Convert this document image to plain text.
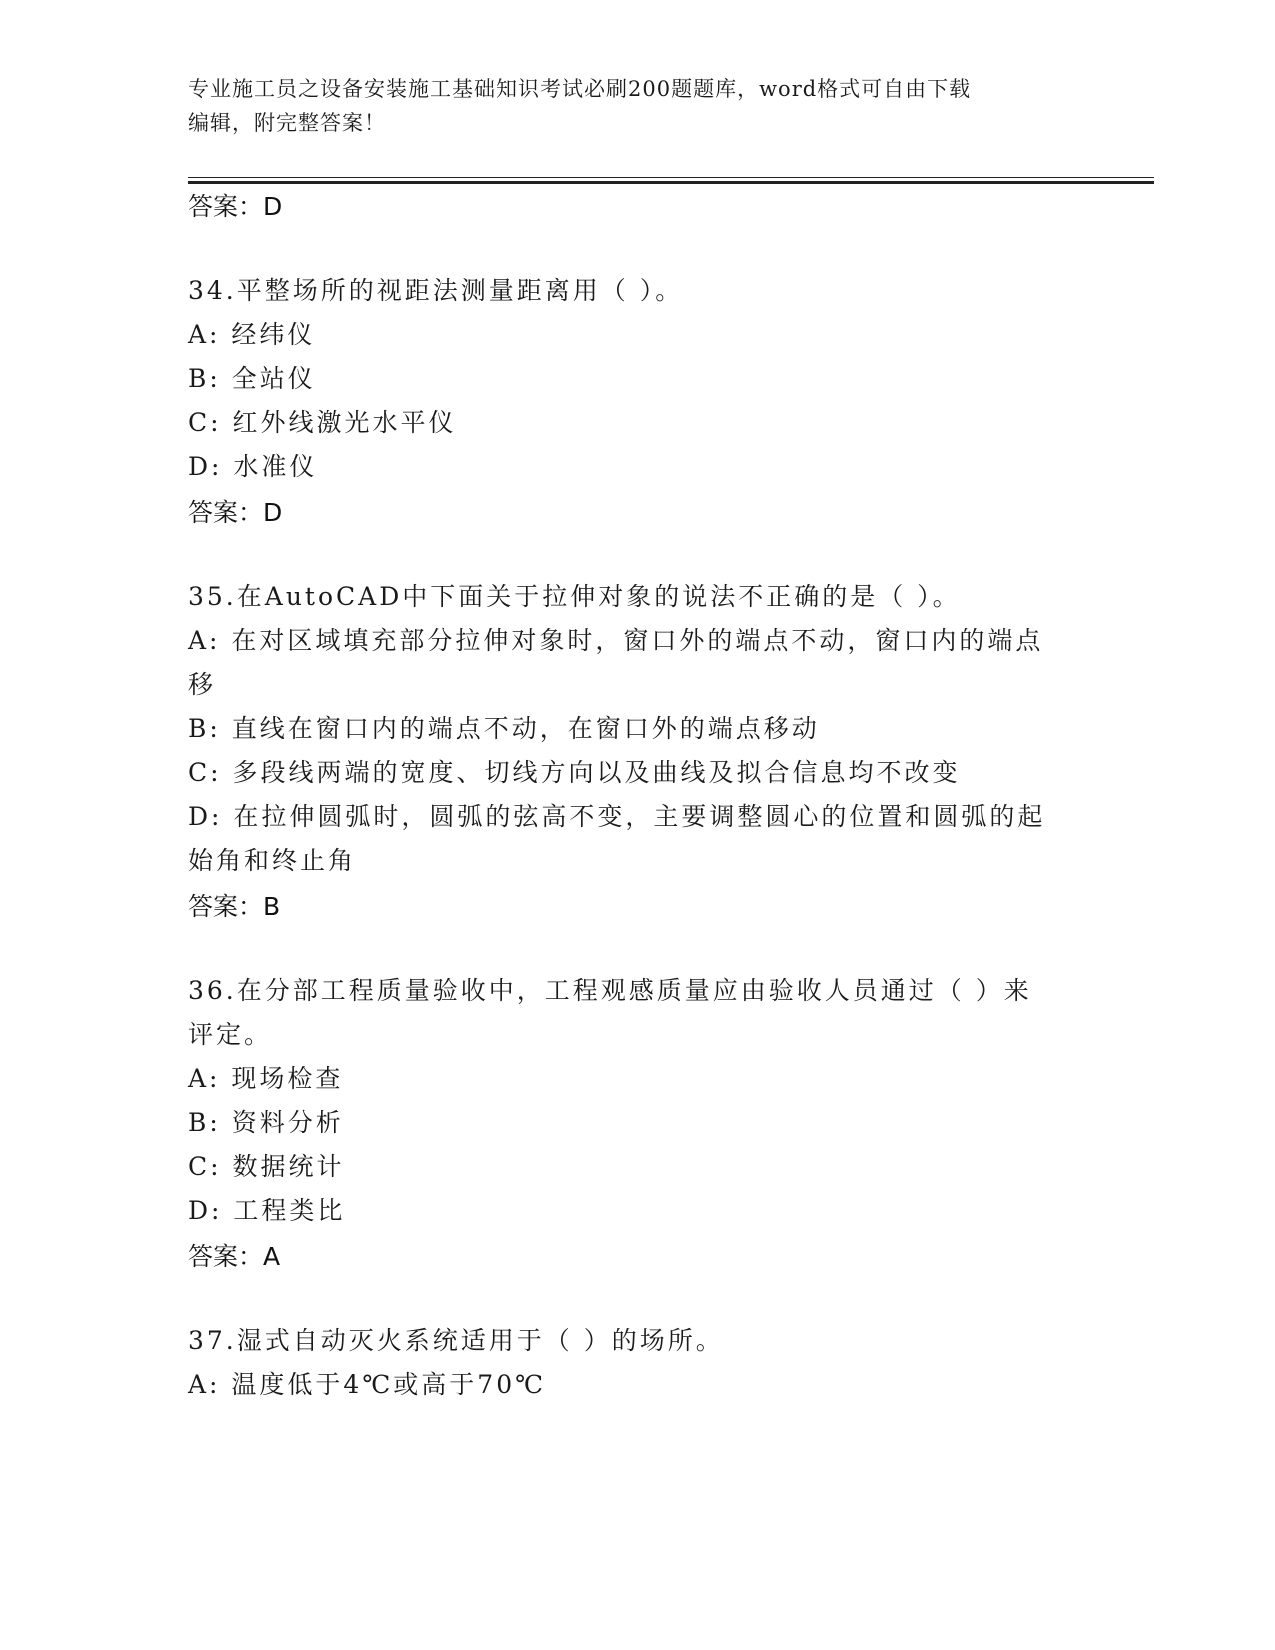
专业施工员之设备安装施工基础知识考试必刷200题题库，word格式可自由下载
编辑，附完整答案！
答案：D
34.平整场所的视距法测量距离用（ ）。
A: 经纬仪
B: 全站仪
C: 红外线激光水平仪
D: 水准仪
答案：D
35.在AutoCAD中下面关于拉伸对象的说法不正确的是（ ）。
A: 在对区域填充部分拉伸对象时，窗口外的端点不动，窗口内的端点
移
B: 直线在窗口内的端点不动，在窗口外的端点移动
C: 多段线两端的宽度、切线方向以及曲线及拟合信息均不改变
D: 在拉伸圆弧时，圆弧的弦高不变，主要调整圆心的位置和圆弧的起
始角和终止角
答案：B
36.在分部工程质量验收中，工程观感质量应由验收人员通过（ ）来
评定。
A: 现场检查
B: 资料分析
C: 数据统计
D: 工程类比
答案：A
37.湿式自动灭火系统适用于（ ）的场所。
A: 温度低于4℃或高于70℃
